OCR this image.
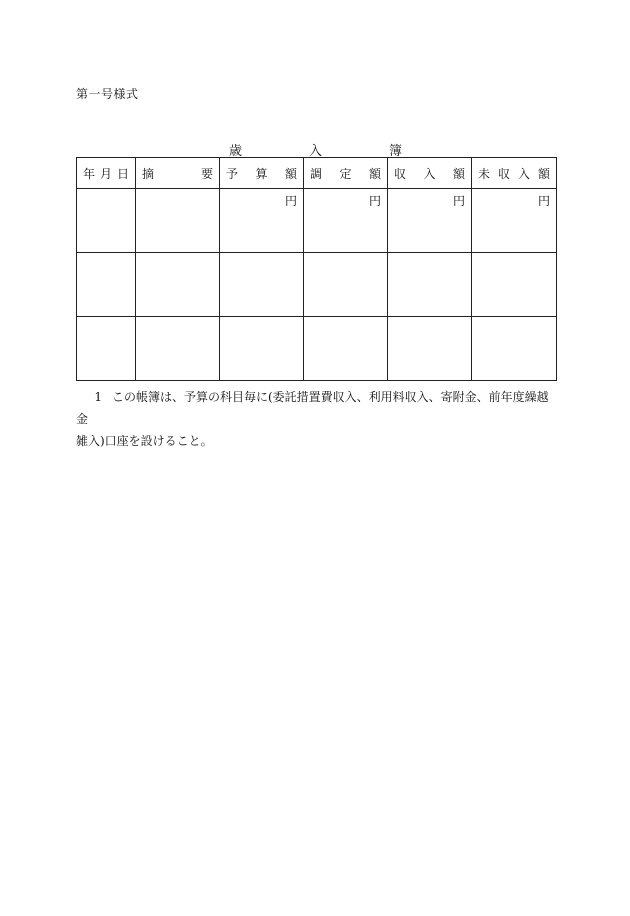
第一号様式
歳	入	簿
年 月 日	摘 要	予 算 額	調 定 額	収 入 額	未 収 入 額

		円	円	円	円

1 この帳簿は、予算の科目毎に(委託措置費収入、利用料収入、寄附金、前年度繰越金
雑入)口座を設けること。
